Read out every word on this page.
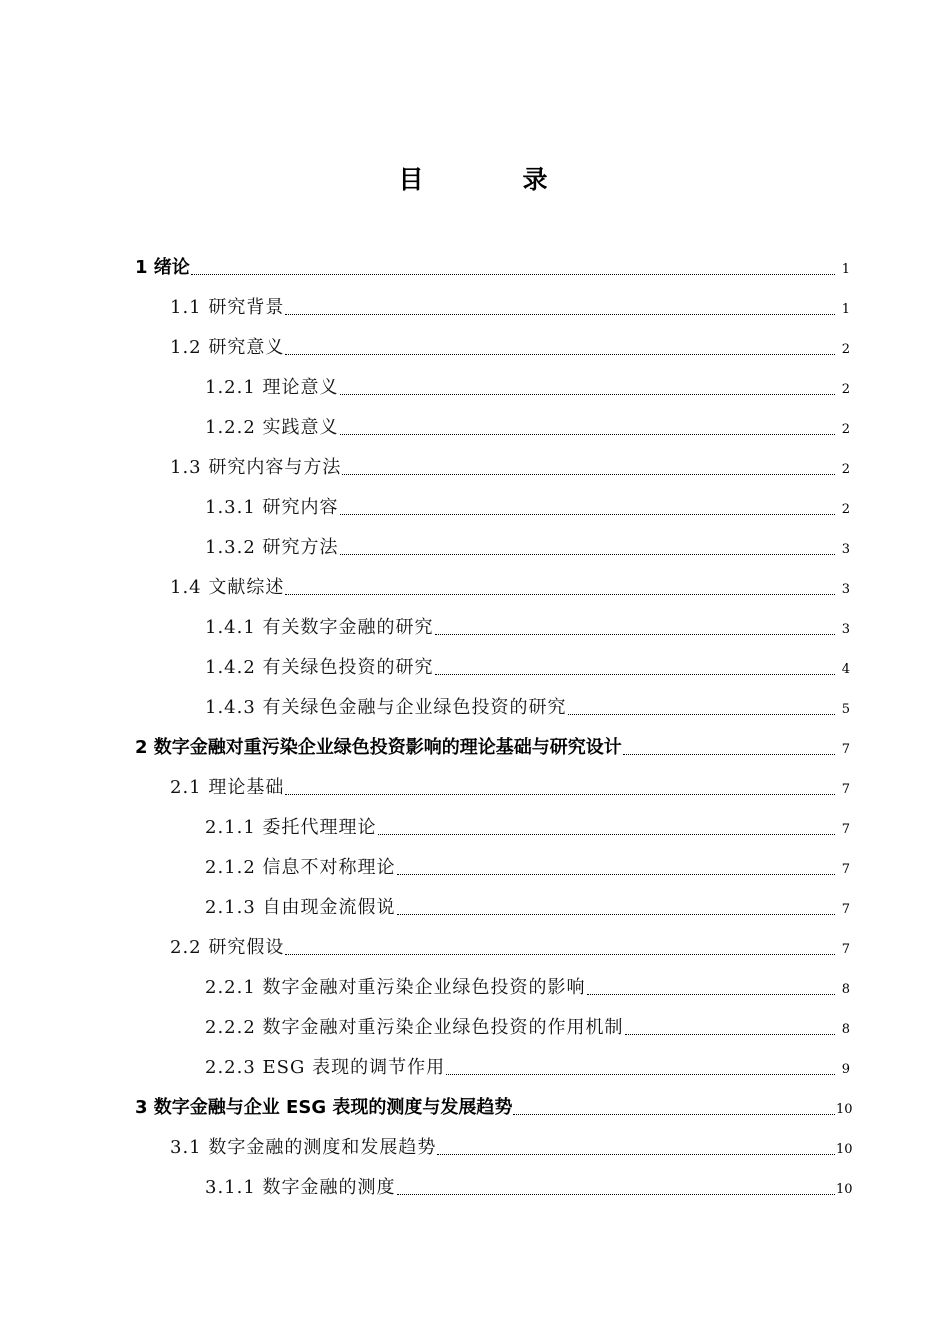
目	录
1 绪论	1
1.1 研究背景	1
1.2 研究意义	2
1.2.1 理论意义	2
1.2.2 实践意义	2
1.3 研究内容与方法	2
1.3.1 研究内容	2
1.3.2 研究方法	3
1.4 文献综述	3
1.4.1 有关数字金融的研究	3
1.4.2 有关绿色投资的研究	4
1.4.3 有关绿色金融与企业绿色投资的研究	5
2 数字金融对重污染企业绿色投资影响的理论基础与研究设计	7
2.1 理论基础	7
2.1.1 委托代理理论	7
2.1.2 信息不对称理论	7
2.1.3 自由现金流假说	7
2.2 研究假设	7
2.2.1 数字金融对重污染企业绿色投资的影响	8
2.2.2 数字金融对重污染企业绿色投资的作用机制	8
2.2.3 ESG 表现的调节作用	9
3 数字金融与企业 ESG 表现的测度与发展趋势	10
3.1 数字金融的测度和发展趋势	10
3.1.1 数字金融的测度	10
